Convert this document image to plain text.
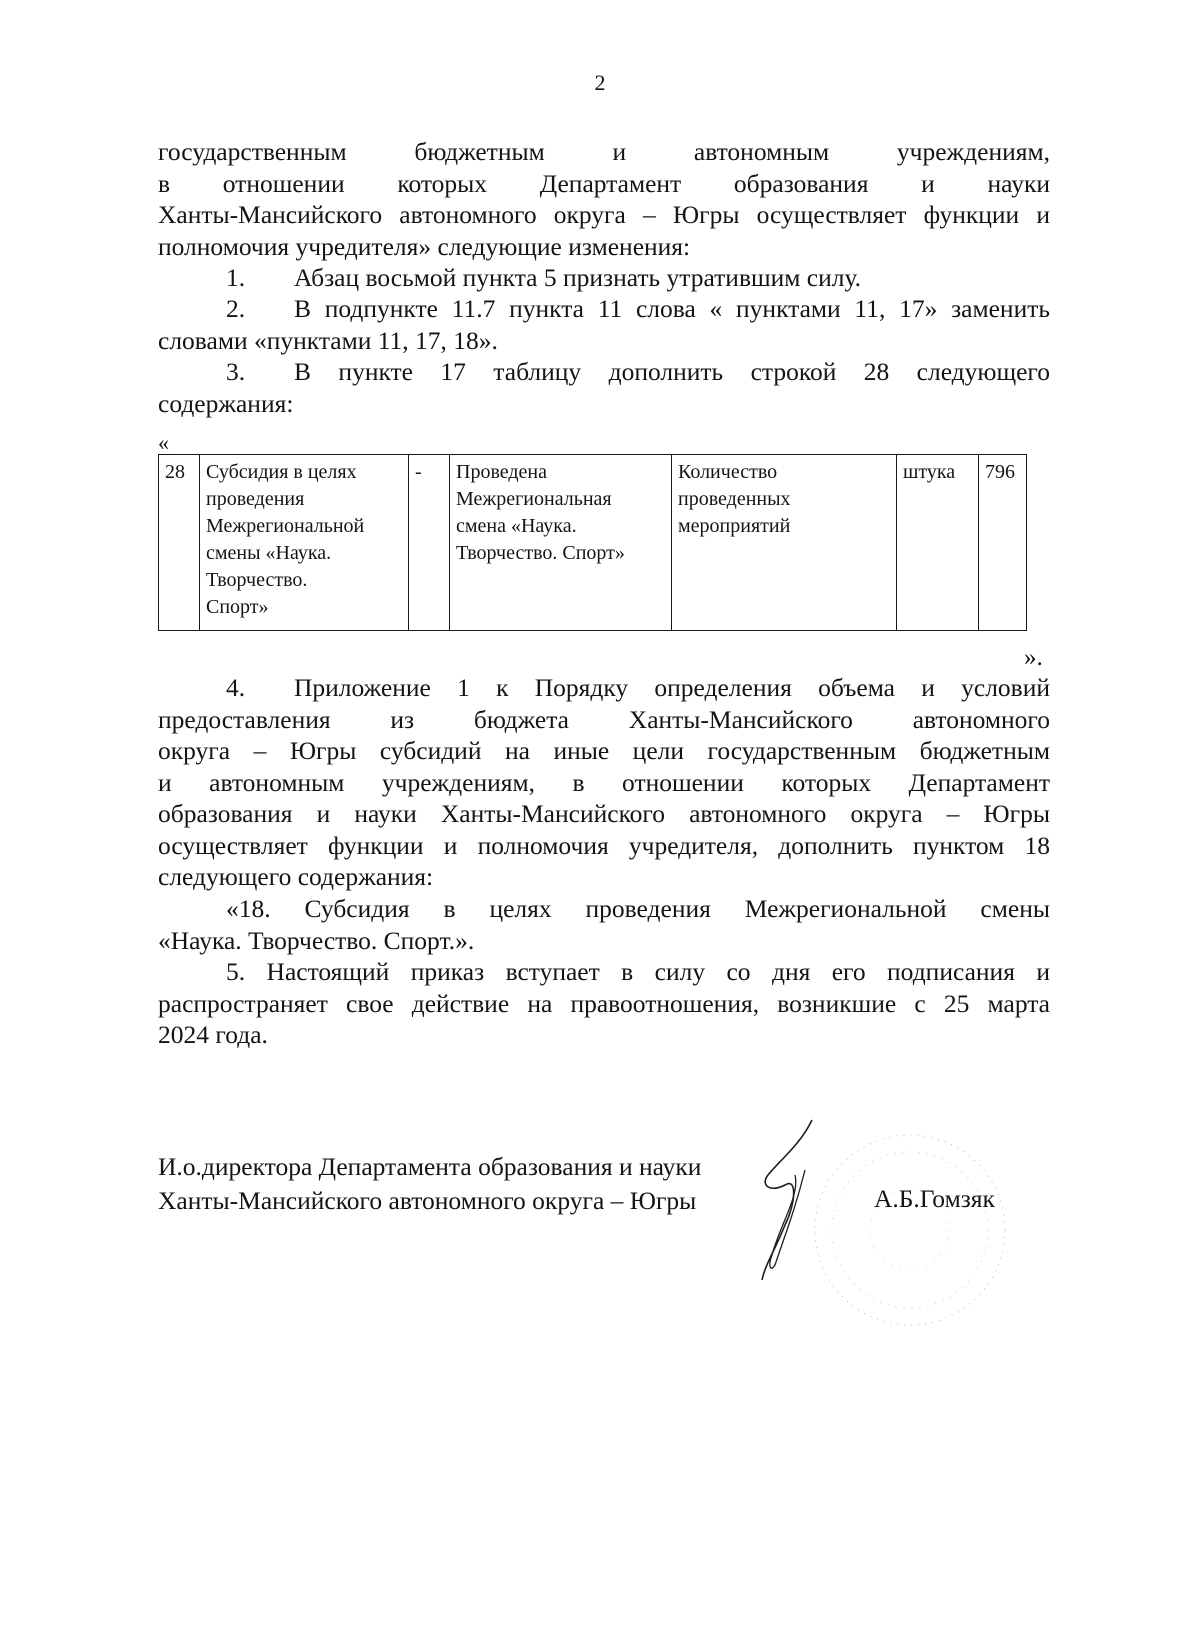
2
государственным бюджетным и автономным учреждениям,
в отношении которых Департамент образования и науки
Ханты-Мансийского автономного округа – Югры осуществляет функции и
полномочия учредителя» следующие изменения:
1. Абзац восьмой пункта 5 признать утратившим силу.
2. В подпункте 11.7 пункта 11 слова « пунктами 11, 17» заменить
словами «пунктами 11, 17, 18».
3. В пункте 17 таблицу дополнить строкой 28 следующего
содержания:
«
28	Субсидия в целях
проведения
Межрегиональной
смены «Наука.
Творчество.
Спорт»	-	Проведена
Межрегиональная
смена «Наука.
Творчество. Спорт»	Количество
проведенных
мероприятий	штука	796
».
4. Приложение 1 к Порядку определения объема и условий
предоставления из бюджета Ханты-Мансийского автономного
округа – Югры субсидий на иные цели государственным бюджетным
и автономным учреждениям, в отношении которых Департамент
образования и науки Ханты-Мансийского автономного округа – Югры
осуществляет функции и полномочия учредителя, дополнить пунктом 18
следующего содержания:
«18. Субсидия в целях проведения Межрегиональной смены
«Наука. Творчество. Спорт.».
5. Настоящий приказ вступает в силу со дня его подписания и
распространяет свое действие на правоотношения, возникшие с 25 марта
2024 года.
И.о.директора Департамента образования и науки
Ханты-Мансийского автономного округа – Югры	А.Б.Гомзяк
